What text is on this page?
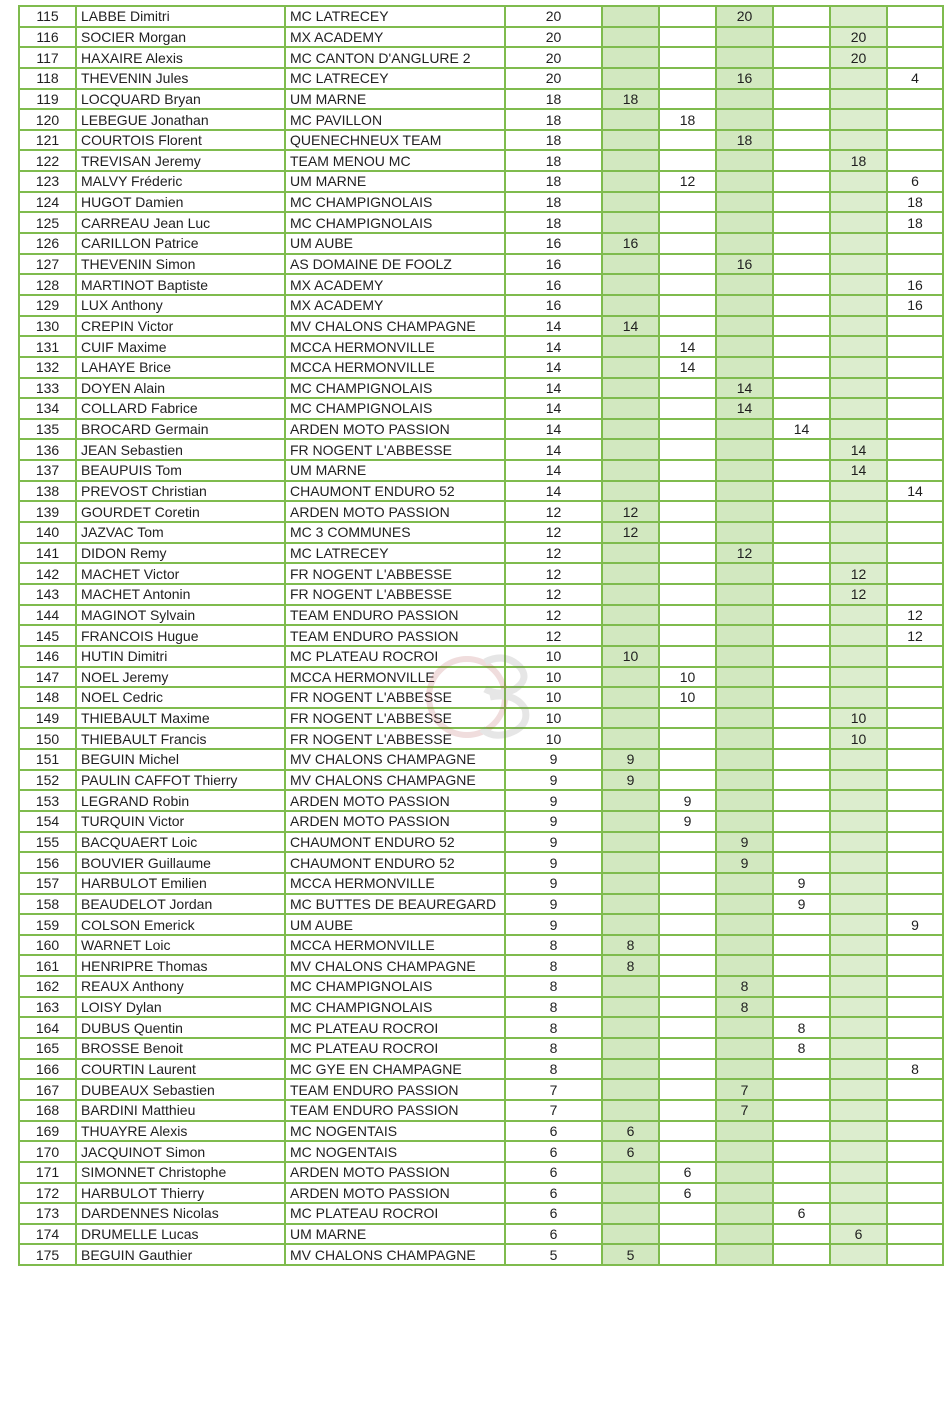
115	LABBE Dimitri	MC LATRECEY	20			20			
116	SOCIER Morgan	MX ACADEMY	20					20	
117	HAXAIRE Alexis	MC CANTON D'ANGLURE 2	20					20	
118	THEVENIN Jules	MC LATRECEY	20			16			4
119	LOCQUARD Bryan	UM MARNE	18	18					
120	LEBEGUE Jonathan	MC PAVILLON	18		18				
121	COURTOIS Florent	QUENECHNEUX TEAM	18			18			
122	TREVISAN Jeremy	TEAM MENOU MC	18					18	
123	MALVY Fréderic	UM MARNE	18		12				6
124	HUGOT Damien	MC CHAMPIGNOLAIS	18						18
125	CARREAU Jean Luc	MC CHAMPIGNOLAIS	18						18
126	CARILLON Patrice	UM AUBE	16	16					
127	THEVENIN Simon	AS DOMAINE DE FOOLZ	16			16			
128	MARTINOT Baptiste	MX ACADEMY	16						16
129	LUX Anthony	MX ACADEMY	16						16
130	CREPIN Victor	MV CHALONS CHAMPAGNE	14	14					
131	CUIF Maxime	MCCA HERMONVILLE	14		14				
132	LAHAYE Brice	MCCA HERMONVILLE	14		14				
133	DOYEN Alain	MC CHAMPIGNOLAIS	14			14			
134	COLLARD Fabrice	MC CHAMPIGNOLAIS	14			14			
135	BROCARD Germain	ARDEN MOTO PASSION	14				14		
136	JEAN Sebastien	FR NOGENT L'ABBESSE	14					14	
137	BEAUPUIS Tom	UM MARNE	14					14	
138	PREVOST Christian	CHAUMONT ENDURO 52	14						14
139	GOURDET Coretin	ARDEN MOTO PASSION	12	12					
140	JAZVAC Tom	MC 3 COMMUNES	12	12					
141	DIDON Remy	MC LATRECEY	12			12			
142	MACHET Victor	FR NOGENT L'ABBESSE	12					12	
143	MACHET Antonin	FR NOGENT L'ABBESSE	12					12	
144	MAGINOT Sylvain	TEAM ENDURO PASSION	12						12
145	FRANCOIS Hugue	TEAM ENDURO PASSION	12						12
146	HUTIN Dimitri	MC PLATEAU ROCROI	10	10					
147	NOEL Jeremy	MCCA HERMONVILLE	10		10				
148	NOEL Cedric	FR NOGENT L'ABBESSE	10		10				
149	THIEBAULT Maxime	FR NOGENT L'ABBESSE	10					10	
150	THIEBAULT Francis	FR NOGENT L'ABBESSE	10					10	
151	BEGUIN Michel	MV CHALONS CHAMPAGNE	9	9					
152	PAULIN CAFFOT Thierry	MV CHALONS CHAMPAGNE	9	9					
153	LEGRAND Robin	ARDEN MOTO PASSION	9		9				
154	TURQUIN Victor	ARDEN MOTO PASSION	9		9				
155	BACQUAERT Loic	CHAUMONT ENDURO 52	9			9			
156	BOUVIER Guillaume	CHAUMONT ENDURO 52	9			9			
157	HARBULOT Emilien	MCCA HERMONVILLE	9				9		
158	BEAUDELOT Jordan	MC BUTTES DE BEAUREGARD	9				9		
159	COLSON Emerick	UM AUBE	9						9
160	WARNET Loic	MCCA HERMONVILLE	8	8					
161	HENRIPRE Thomas	MV CHALONS CHAMPAGNE	8	8					
162	REAUX Anthony	MC CHAMPIGNOLAIS	8			8			
163	LOISY Dylan	MC CHAMPIGNOLAIS	8			8			
164	DUBUS Quentin	MC PLATEAU ROCROI	8				8		
165	BROSSE Benoit	MC PLATEAU ROCROI	8				8		
166	COURTIN Laurent	MC GYE EN CHAMPAGNE	8						8
167	DUBEAUX Sebastien	TEAM ENDURO PASSION	7			7			
168	BARDINI Matthieu	TEAM ENDURO PASSION	7			7			
169	THUAYRE Alexis	MC NOGENTAIS	6	6					
170	JACQUINOT Simon	MC NOGENTAIS	6	6					
171	SIMONNET Christophe	ARDEN MOTO PASSION	6		6				
172	HARBULOT Thierry	ARDEN MOTO PASSION	6		6				
173	DARDENNES Nicolas	MC PLATEAU ROCROI	6				6		
174	DRUMELLE Lucas	UM MARNE	6					6	
175	BEGUIN Gauthier	MV CHALONS CHAMPAGNE	5	5					
